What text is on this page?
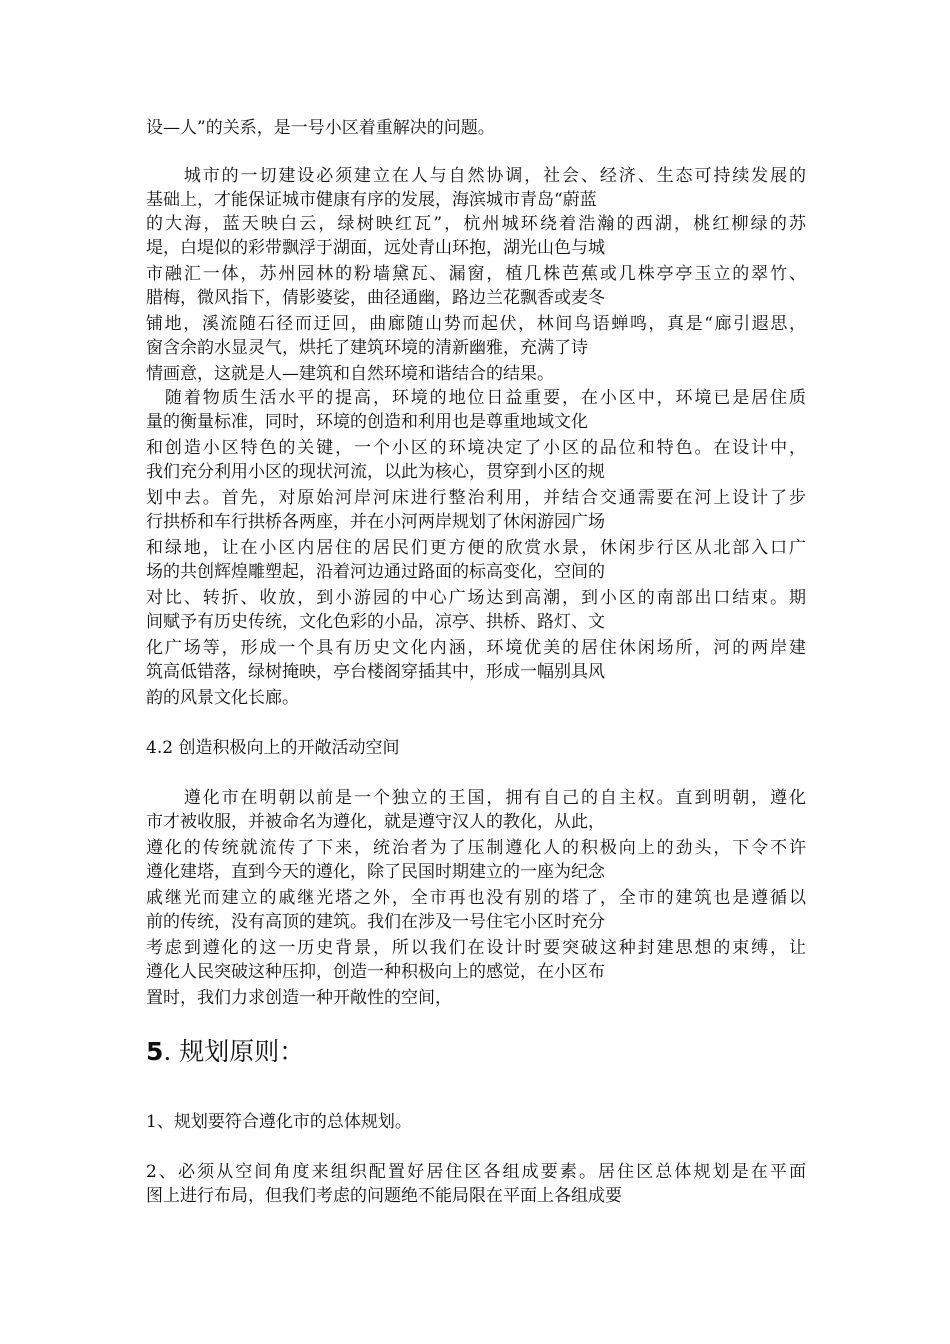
设—人”的关系，是一号小区着重解决的问题。
　　城市的一切建设必须建立在人与自然协调，社会、经济、生态可持续发展的
基础上，才能保证城市健康有序的发展，海滨城市青岛“蔚蓝
的大海，蓝天映白云，绿树映红瓦”，杭州城环绕着浩瀚的西湖，桃红柳绿的苏
堤，白堤似的彩带飘浮于湖面，远处青山环抱，湖光山色与城
市融汇一体，苏州园林的粉墙黛瓦、漏窗，植几株芭蕉或几株亭亭玉立的翠竹、
腊梅，微风指下，倩影婆娑，曲径通幽，路边兰花飘香或麦冬
铺地，溪流随石径而迂回，曲廊随山势而起伏，林间鸟语蝉鸣，真是“廊引遐思，
窗含余韵水显灵气，烘托了建筑环境的清新幽雅，充满了诗
情画意，这就是人—建筑和自然环境和谐结合的结果。
　随着物质生活水平的提高，环境的地位日益重要，在小区中，环境已是居住质
量的衡量标准，同时，环境的创造和利用也是尊重地域文化
和创造小区特色的关键，一个小区的环境决定了小区的品位和特色。在设计中，
我们充分利用小区的现状河流，以此为核心，贯穿到小区的规
划中去。首先，对原始河岸河床进行整治利用，并结合交通需要在河上设计了步
行拱桥和车行拱桥各两座，并在小河两岸规划了休闲游园广场
和绿地，让在小区内居住的居民们更方便的欣赏水景，休闲步行区从北部入口广
场的共创辉煌雕塑起，沿着河边通过路面的标高变化，空间的
对比、转折、收放，到小游园的中心广场达到高潮，到小区的南部出口结束。期
间赋予有历史传统，文化色彩的小品，凉亭、拱桥、路灯、文
化广场等，形成一个具有历史文化内涵，环境优美的居住休闲场所，河的两岸建
筑高低错落，绿树掩映，亭台楼阁穿插其中，形成一幅别具风
韵的风景文化长廊。
4.2 创造积极向上的开敞活动空间
　　遵化市在明朝以前是一个独立的王国，拥有自己的自主权。直到明朝，遵化
市才被收服，并被命名为遵化，就是遵守汉人的教化，从此，
遵化的传统就流传了下来，统治者为了压制遵化人的积极向上的劲头，下令不许
遵化建塔，直到今天的遵化，除了民国时期建立的一座为纪念
戚继光而建立的戚继光塔之外，全市再也没有别的塔了，全市的建筑也是遵循以
前的传统，没有高顶的建筑。我们在涉及一号住宅小区时充分
考虑到遵化的这一历史背景，所以我们在设计时要突破这种封建思想的束缚，让
遵化人民突破这种压抑，创造一种积极向上的感觉，在小区布
置时，我们力求创造一种开敞性的空间，
5. 规划原则：
1、规划要符合遵化市的总体规划。
2、必须从空间角度来组织配置好居住区各组成要素。居住区总体规划是在平面
图上进行布局，但我们考虑的问题绝不能局限在平面上各组成要
